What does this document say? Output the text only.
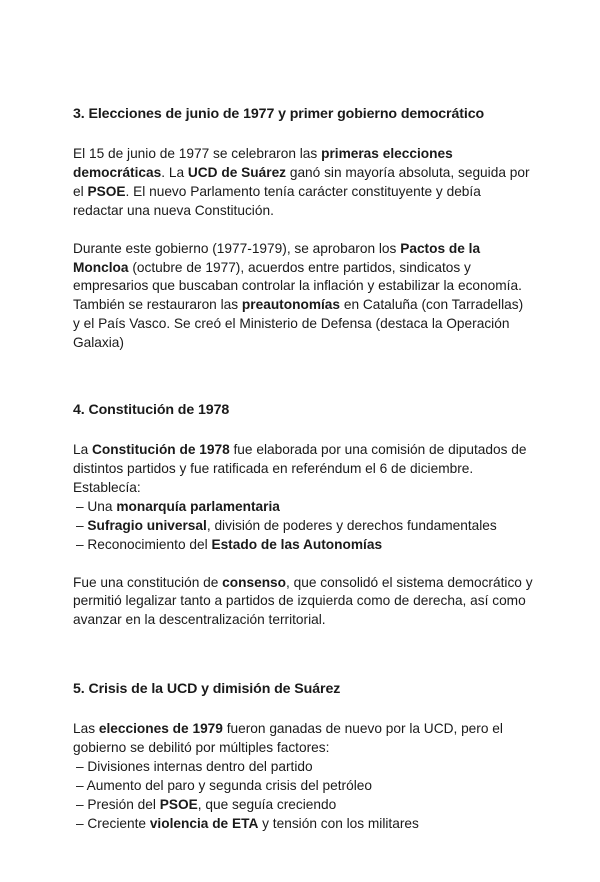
3. Elecciones de junio de 1977 y primer gobierno democrático

El 15 de junio de 1977 se celebraron las primeras elecciones democráticas. La UCD de Suárez ganó sin mayoría absoluta, seguida por el PSOE. El nuevo Parlamento tenía carácter constituyente y debía redactar una nueva Constitución.

Durante este gobierno (1977-1979), se aprobaron los Pactos de la Moncloa (octubre de 1977), acuerdos entre partidos, sindicatos y empresarios que buscaban controlar la inflación y estabilizar la economía. También se restauraron las preautonomías en Cataluña (con Tarradellas) y el País Vasco. Se creó el Ministerio de Defensa (destaca la Operación Galaxia)

4. Constitución de 1978

La Constitución de 1978 fue elaborada por una comisión de diputados de distintos partidos y fue ratificada en referéndum el 6 de diciembre. Establecía:

– Una monarquía parlamentaria
– Sufragio universal, división de poderes y derechos fundamentales
– Reconocimiento del Estado de las Autonomías

Fue una constitución de consenso, que consolidó el sistema democrático y permitió legalizar tanto a partidos de izquierda como de derecha, así como avanzar en la descentralización territorial.

5. Crisis de la UCD y dimisión de Suárez

Las elecciones de 1979 fueron ganadas de nuevo por la UCD, pero el gobierno se debilitó por múltiples factores:

– Divisiones internas dentro del partido
– Aumento del paro y segunda crisis del petróleo
– Presión del PSOE, que seguía creciendo
– Creciente violencia de ETA y tensión con los militares
